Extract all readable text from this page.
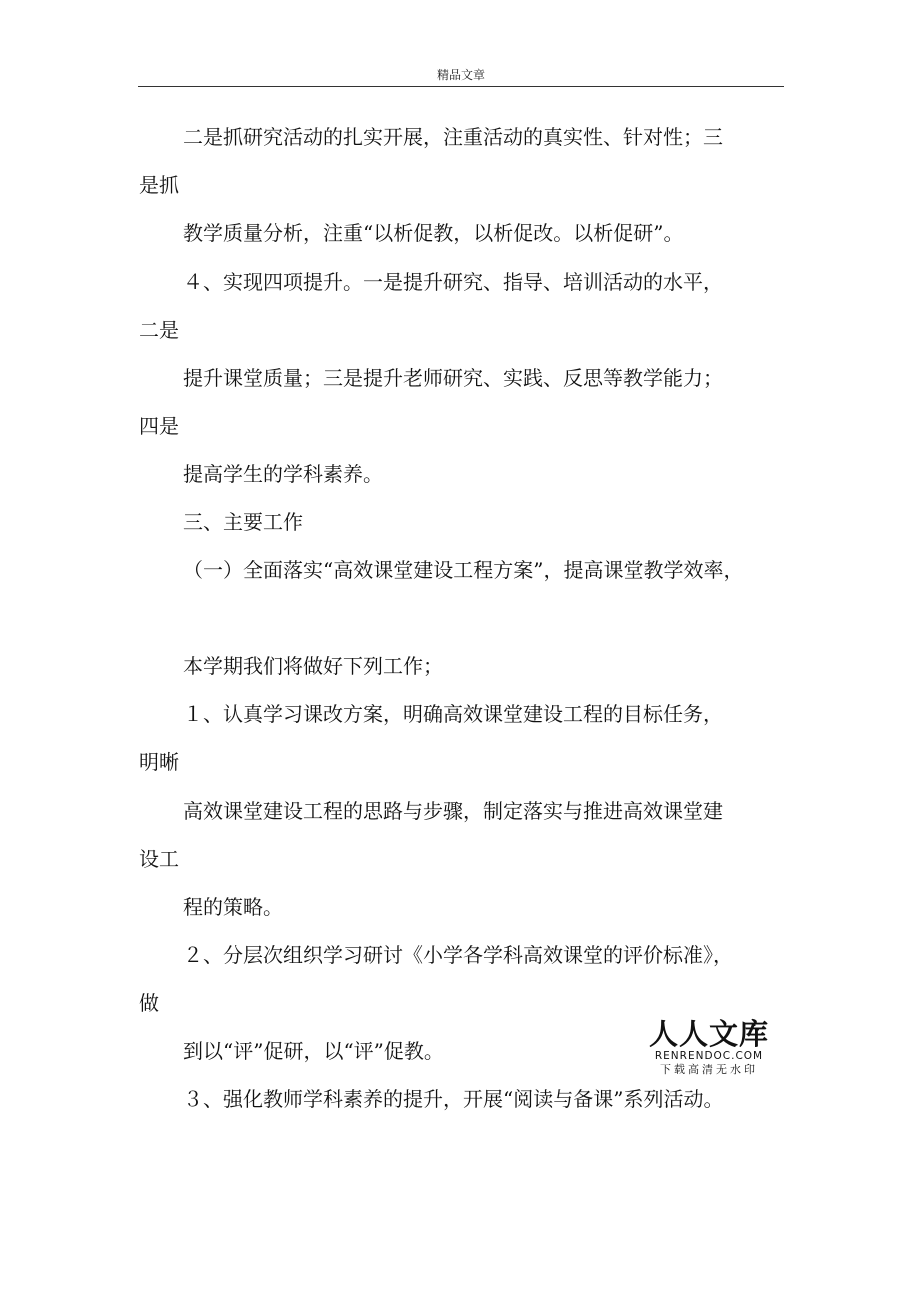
精品文章
二是抓研究活动的扎实开展，注重活动的真实性、针对性；三
是抓
教学质量分析，注重“以析促教，以析促改。以析促研”。
４、实现四项提升。一是提升研究、指导、培训活动的水平，
二是
提升课堂质量；三是提升老师研究、实践、反思等教学能力；
四是
提高学生的学科素养。
三、主要工作
（一）全面落实“高效课堂建设工程方案”，提高课堂教学效率，
本学期我们将做好下列工作；
１、认真学习课改方案，明确高效课堂建设工程的目标任务，
明晰
高效课堂建设工程的思路与步骤，制定落实与推进高效课堂建
设工
程的策略。
２、分层次组织学习研讨《小学各学科高效课堂的评价标准》，
做
到以“评”促研，以“评”促教。
３、强化教师学科素养的提升，开展“阅读与备课”系列活动。
人人文库
RENRENDOC.COM
下载高清无水印
